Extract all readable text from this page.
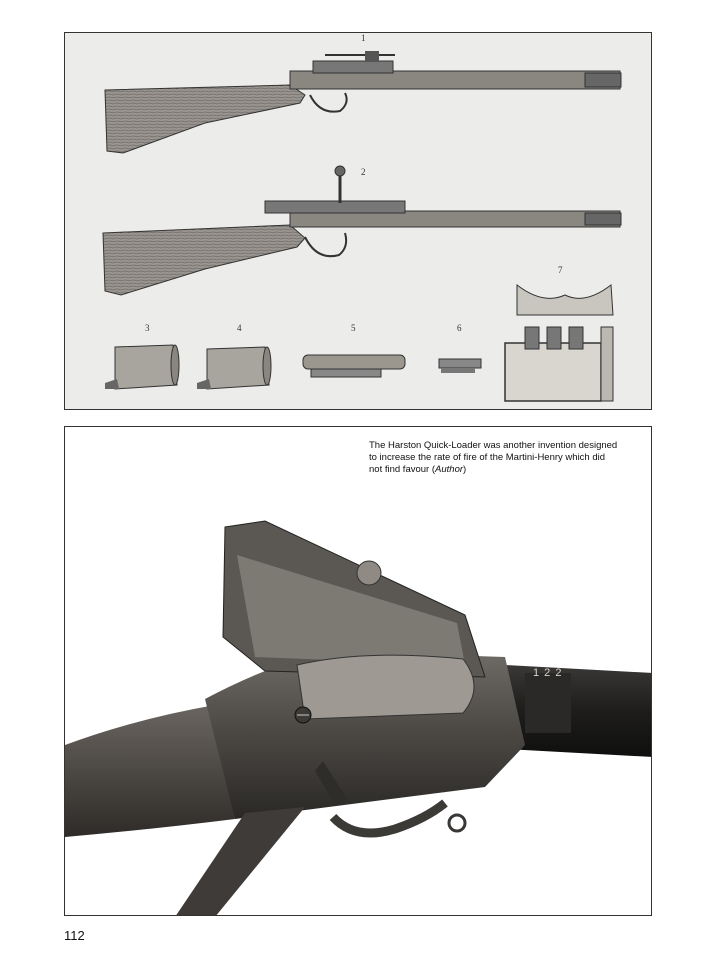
1
2
3	4	5	6
7
The Harston Quick-Loader was another invention designed to increase the rate of fire of the Martini-Henry which did not find favour (Author)
1 2 2
112
